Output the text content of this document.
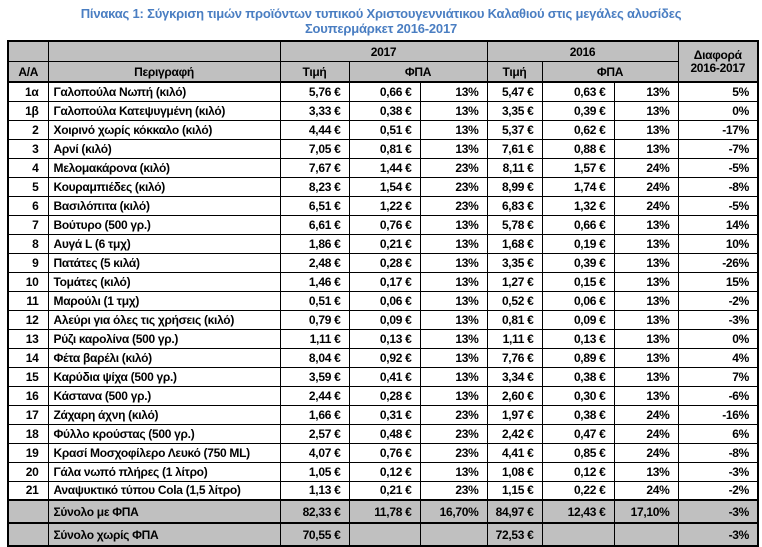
Πίνακας 1: Σύγκριση τιμών προϊόντων τυπικού Χριστουγεννιάτικου Καλαθιού στις μεγάλες αλυσίδες
Σουπερμάρκετ 2016-2017
		2017			2016			Διαφορά
2016-2017

Α/Α	Περιγραφή	Τιμή	ΦΠΑ		Τιμή	ΦΠΑ		
1α	Γαλοπούλα Νωπή (κιλό)	5,76 €	0,66 €	13%	5,47 €	0,63 €	13%	5%
1β	Γαλοπούλα Κατεψυγμένη (κιλό)	3,33 €	0,38 €	13%	3,35 €	0,39 €	13%	0%
2	Χοιρινό χωρίς κόκκαλο (κιλό)	4,44 €	0,51 €	13%	5,37 €	0,62 €	13%	-17%
3	Αρνί (κιλό)	7,05 €	0,81 €	13%	7,61 €	0,88 €	13%	-7%
4	Μελομακάρονα (κιλό)	7,67 €	1,44 €	23%	8,11 €	1,57 €	24%	-5%
5	Κουραμπιέδες (κιλό)	8,23 €	1,54 €	23%	8,99 €	1,74 €	24%	-8%
6	Βασιλόπιτα (κιλό)	6,51 €	1,22 €	23%	6,83 €	1,32 €	24%	-5%
7	Βούτυρο (500 γρ.)	6,61 €	0,76 €	13%	5,78 €	0,66 €	13%	14%
8	Αυγά L (6 τμχ)	1,86 €	0,21 €	13%	1,68 €	0,19 €	13%	10%
9	Πατάτες (5 κιλά)	2,48 €	0,28 €	13%	3,35 €	0,39 €	13%	-26%
10	Τομάτες (κιλό)	1,46 €	0,17 €	13%	1,27 €	0,15 €	13%	15%
11	Μαρούλι (1 τμχ)	0,51 €	0,06 €	13%	0,52 €	0,06 €	13%	-2%
12	Αλεύρι για όλες τις χρήσεις (κιλό)	0,79 €	0,09 €	13%	0,81 €	0,09 €	13%	-3%
13	Ρύζι καρολίνα (500 γρ.)	1,11 €	0,13 €	13%	1,11 €	0,13 €	13%	0%
14	Φέτα βαρέλι (κιλό)	8,04 €	0,92 €	13%	7,76 €	0,89 €	13%	4%
15	Καρύδια ψίχα (500 γρ.)	3,59 €	0,41 €	13%	3,34 €	0,38 €	13%	7%
16	Κάστανα (500 γρ.)	2,44 €	0,28 €	13%	2,60 €	0,30 €	13%	-6%
17	Ζάχαρη άχνη (κιλό)	1,66 €	0,31 €	23%	1,97 €	0,38 €	24%	-16%
18	Φύλλο κρούστας (500 γρ.)	2,57 €	0,48 €	23%	2,42 €	0,47 €	24%	6%
19	Κρασί Μοσχοφίλερο Λευκό (750 ML)	4,07 €	0,76 €	23%	4,41 €	0,85 €	24%	-8%
20	Γάλα νωπό πλήρες (1 λίτρο)	1,05 €	0,12 €	13%	1,08 €	0,12 €	13%	-3%
21	Αναψυκτικό τύπου Cola (1,5 λίτρο)	1,13 €	0,21 €	23%	1,15 €	0,22 €	24%	-2%
	Σύνολο με ΦΠΑ	82,33 €	11,78 €	16,70%	84,97 €	12,43 €	17,10%	-3%
	Σύνολο χωρίς ΦΠΑ	70,55 €			72,53 €			-3%
